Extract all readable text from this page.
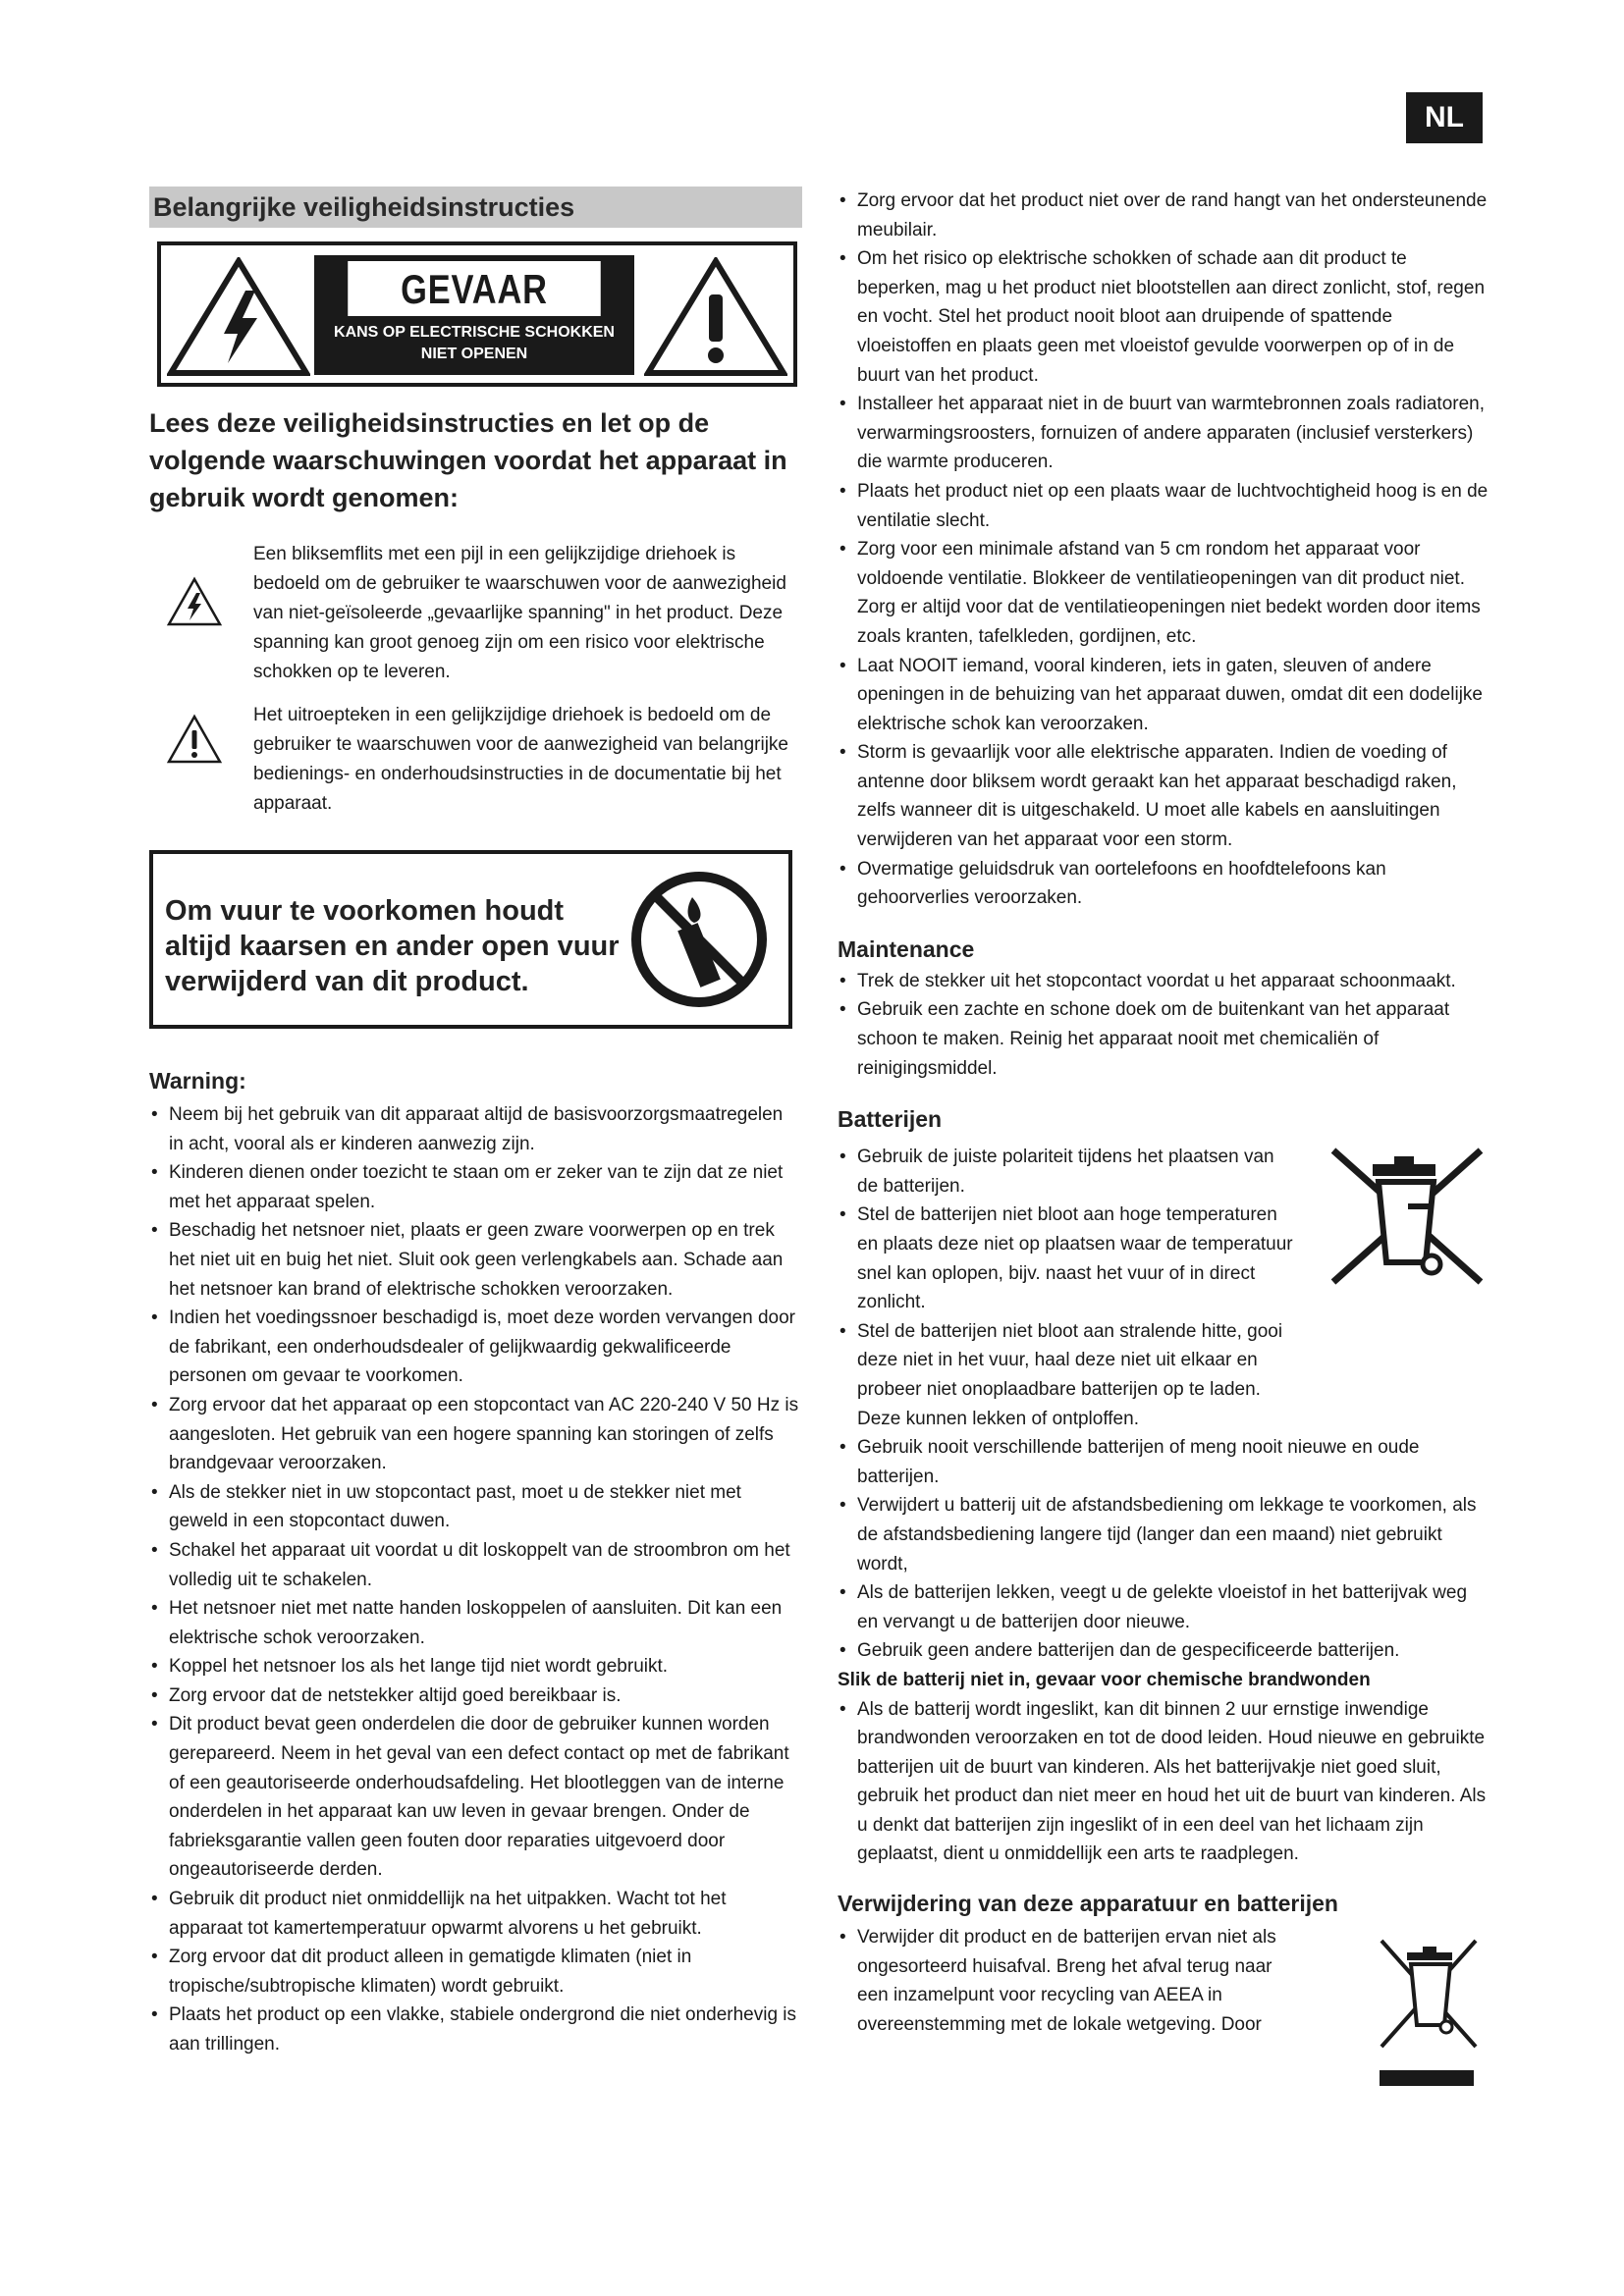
NL
Belangrijke veiligheidsinstructies
GEVAAR
KANS OP ELECTRISCHE SCHOKKEN
NIET OPENEN
Lees deze veiligheidsinstructies en let op de volgende waarschuwingen voordat het apparaat in gebruik wordt genomen:
Een bliksemflits met een pijl in een gelijkzijdige driehoek is bedoeld om de gebruiker te waarschuwen voor de aanwezigheid van niet-geïsoleerde „gevaarlijke spanning" in het product. Deze spanning kan groot genoeg zijn om een risico voor elektrische schokken op te leveren.
Het uitroepteken in een gelijkzijdige driehoek is bedoeld om de gebruiker te waarschuwen voor de aanwezigheid van belangrijke bedienings- en onderhoudsinstructies in de documentatie bij het apparaat.
Om vuur te voorkomen houdt altijd kaarsen en ander open vuur verwijderd van dit product.
Warning:
• Neem bij het gebruik van dit apparaat altijd de basisvoorzorgsmaatregelen in acht, vooral als er kinderen aanwezig zijn.
• Kinderen dienen onder toezicht te staan om er zeker van te zijn dat ze niet met het apparaat spelen.
• Beschadig het netsnoer niet, plaats er geen zware voorwerpen op en trek het niet uit en buig het niet. Sluit ook geen verlengkabels aan. Schade aan het netsnoer kan brand of elektrische schokken veroorzaken.
• Indien het voedingssnoer beschadigd is, moet deze worden vervangen door de fabrikant, een onderhoudsdealer of gelijkwaardig gekwalificeerde personen om gevaar te voorkomen.
• Zorg ervoor dat het apparaat op een stopcontact van AC 220-240 V 50 Hz is aangesloten. Het gebruik van een hogere spanning kan storingen of zelfs brandgevaar veroorzaken.
• Als de stekker niet in uw stopcontact past, moet u de stekker niet met geweld in een stopcontact duwen.
• Schakel het apparaat uit voordat u dit loskoppelt van de stroombron om het volledig uit te schakelen.
• Het netsnoer niet met natte handen loskoppelen of aansluiten. Dit kan een elektrische schok veroorzaken.
• Koppel het netsnoer los als het lange tijd niet wordt gebruikt.
• Zorg ervoor dat de netstekker altijd goed bereikbaar is.
• Dit product bevat geen onderdelen die door de gebruiker kunnen worden gerepareerd. Neem in het geval van een defect contact op met de fabrikant of een geautoriseerde onderhoudsafdeling. Het blootleggen van de interne onderdelen in het apparaat kan uw leven in gevaar brengen. Onder de fabrieksgarantie vallen geen fouten door reparaties uitgevoerd door ongeautoriseerde derden.
• Gebruik dit product niet onmiddellijk na het uitpakken. Wacht tot het apparaat tot kamertemperatuur opwarmt alvorens u het gebruikt.
• Zorg ervoor dat dit product alleen in gematigde klimaten (niet in tropische/subtropische klimaten) wordt gebruikt.
• Plaats het product op een vlakke, stabiele ondergrond die niet onderhevig is aan trillingen.
• Zorg ervoor dat het product niet over de rand hangt van het ondersteunende meubilair.
• Om het risico op elektrische schokken of schade aan dit product te beperken, mag u het product niet blootstellen aan direct zonlicht, stof, regen en vocht. Stel het product nooit bloot aan druipende of spattende vloeistoffen en plaats geen met vloeistof gevulde voorwerpen op of in de buurt van het product.
• Installeer het apparaat niet in de buurt van warmtebronnen zoals radiatoren, verwarmingsroosters, fornuizen of andere apparaten (inclusief versterkers) die warmte produceren.
• Plaats het product niet op een plaats waar de luchtvochtigheid hoog is en de ventilatie slecht.
• Zorg voor een minimale afstand van 5 cm rondom het apparaat voor voldoende ventilatie. Blokkeer de ventilatieopeningen van dit product niet. Zorg er altijd voor dat de ventilatieopeningen niet bedekt worden door items zoals kranten, tafelkleden, gordijnen, etc.
• Laat NOOIT iemand, vooral kinderen, iets in gaten, sleuven of andere openingen in de behuizing van het apparaat duwen, omdat dit een dodelijke elektrische schok kan veroorzaken.
• Storm is gevaarlijk voor alle elektrische apparaten. Indien de voeding of antenne door bliksem wordt geraakt kan het apparaat beschadigd raken, zelfs wanneer dit is uitgeschakeld. U moet alle kabels en aansluitingen verwijderen van het apparaat voor een storm.
• Overmatige geluidsdruk van oortelefoons en hoofdtelefoons kan gehoorverlies veroorzaken.
Maintenance
• Trek de stekker uit het stopcontact voordat u het apparaat schoonmaakt.
• Gebruik een zachte en schone doek om de buitenkant van het apparaat schoon te maken. Reinig het apparaat nooit met chemicaliën of reinigingsmiddel.
Batterijen
• Gebruik de juiste polariteit tijdens het plaatsen van de batterijen.
• Stel de batterijen niet bloot aan hoge temperaturen en plaats deze niet op plaatsen waar de temperatuur snel kan oplopen, bijv. naast het vuur of in direct zonlicht.
• Stel de batterijen niet bloot aan stralende hitte, gooi deze niet in het vuur, haal deze niet uit elkaar en probeer niet onoplaadbare batterijen op te laden. Deze kunnen lekken of ontploffen.
• Gebruik nooit verschillende batterijen of meng nooit nieuwe en oude batterijen.
• Verwijdert u batterij uit de afstandsbediening om lekkage te voorkomen, als de afstandsbediening langere tijd (langer dan een maand) niet gebruikt wordt,
• Als de batterijen lekken, veegt u de gelekte vloeistof in het batterijvak weg en vervangt u de batterijen door nieuwe.
• Gebruik geen andere batterijen dan de gespecificeerde batterijen.
Slik de batterij niet in, gevaar voor chemische brandwonden
• Als de batterij wordt ingeslikt, kan dit binnen 2 uur ernstige inwendige brandwonden veroorzaken en tot de dood leiden. Houd nieuwe en gebruikte batterijen uit de buurt van kinderen. Als het batterijvakje niet goed sluit, gebruik het product dan niet meer en houd het uit de buurt van kinderen. Als u denkt dat batterijen zijn ingeslikt of in een deel van het lichaam zijn geplaatst, dient u onmiddellijk een arts te raadplegen.
Verwijdering van deze apparatuur en batterijen
• Verwijder dit product en de batterijen ervan niet als ongesorteerd huisafval. Breng het afval terug naar een inzamelpunt voor recycling van AEEA in overeenstemming met de lokale wetgeving. Door
